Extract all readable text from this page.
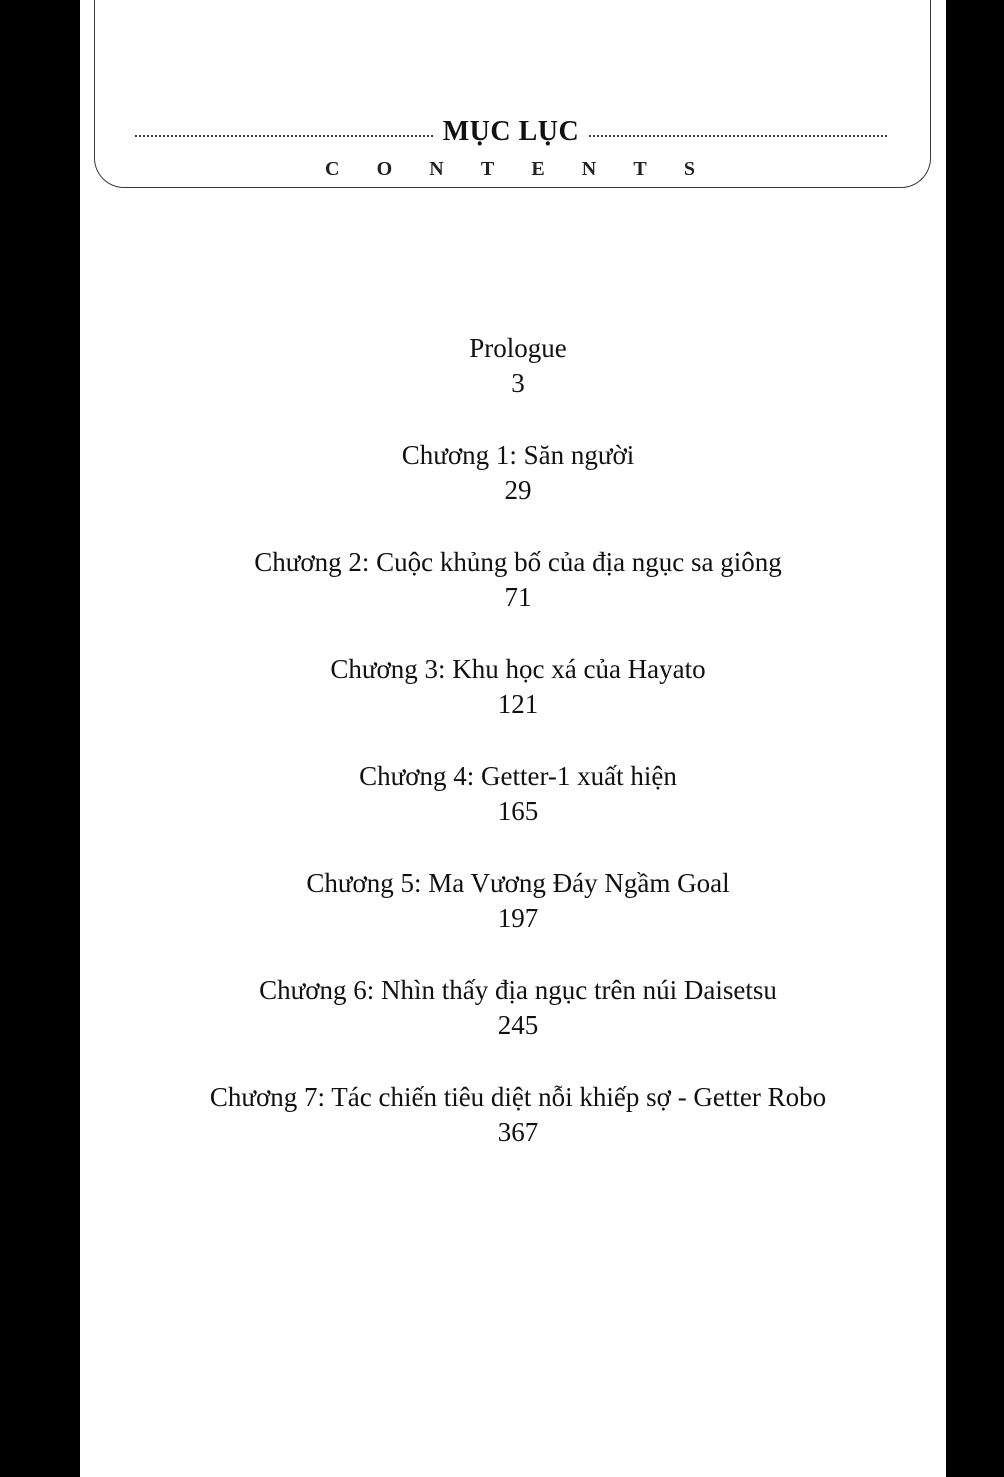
MỤC LỤC
C O N T E N T S
Prologue
3
Chương 1: Săn người
29
Chương 2: Cuộc khủng bố của địa ngục sa giông
71
Chương 3: Khu học xá của Hayato
121
Chương 4: Getter-1 xuất hiện
165
Chương 5: Ma Vương Đáy Ngầm Goal
197
Chương 6: Nhìn thấy địa ngục trên núi Daisetsu
245
Chương 7: Tác chiến tiêu diệt nỗi khiếp sợ - Getter Robo
367
